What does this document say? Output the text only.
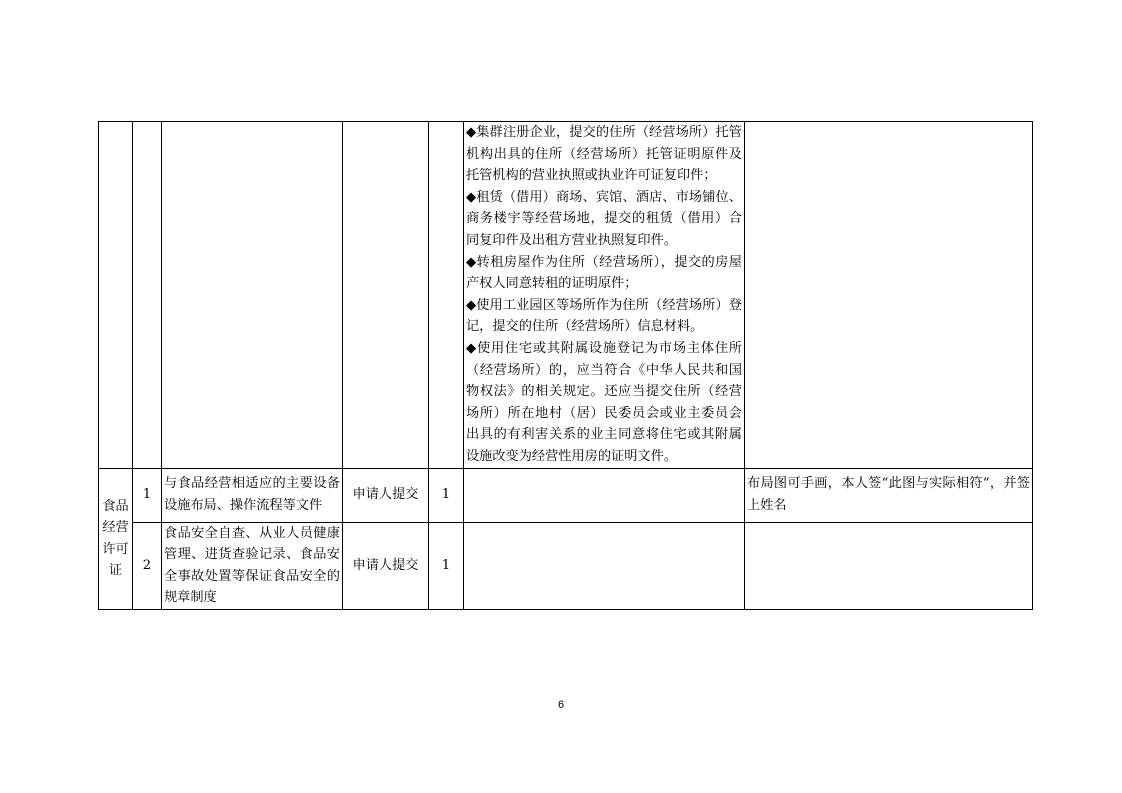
					◆集群注册企业，提交的住所（经营场所）托管机构出具的住所（经营场所）托管证明原件及托管机构的营业执照或执业许可证复印件；
◆租赁（借用）商场、宾馆、酒店、市场铺位、商务楼宇等经营场地，提交的租赁（借用）合同复印件及出租方营业执照复印件。
◆转租房屋作为住所（经营场所），提交的房屋产权人同意转租的证明原件；
◆使用工业园区等场所作为住所（经营场所）登记，提交的住所（经营场所）信息材料。
◆使用住宅或其附属设施登记为市场主体住所（经营场所）的，应当符合《中华人民共和国物权法》的相关规定。还应当提交住所（经营场所）所在地村（居）民委员会或业主委员会出具的有利害关系的业主同意将住宅或其附属设施改变为经营性用房的证明文件。	

食品经营许可证	1	与食品经营相适应的主要设备设施布局、操作流程等文件	申请人提交	1		布局图可手画，本人签“此图与实际相符”，并签上姓名
	2	食品安全自查、从业人员健康管理、进货查验记录、食品安全事故处置等保证食品安全的规章制度	申请人提交	1		
6
